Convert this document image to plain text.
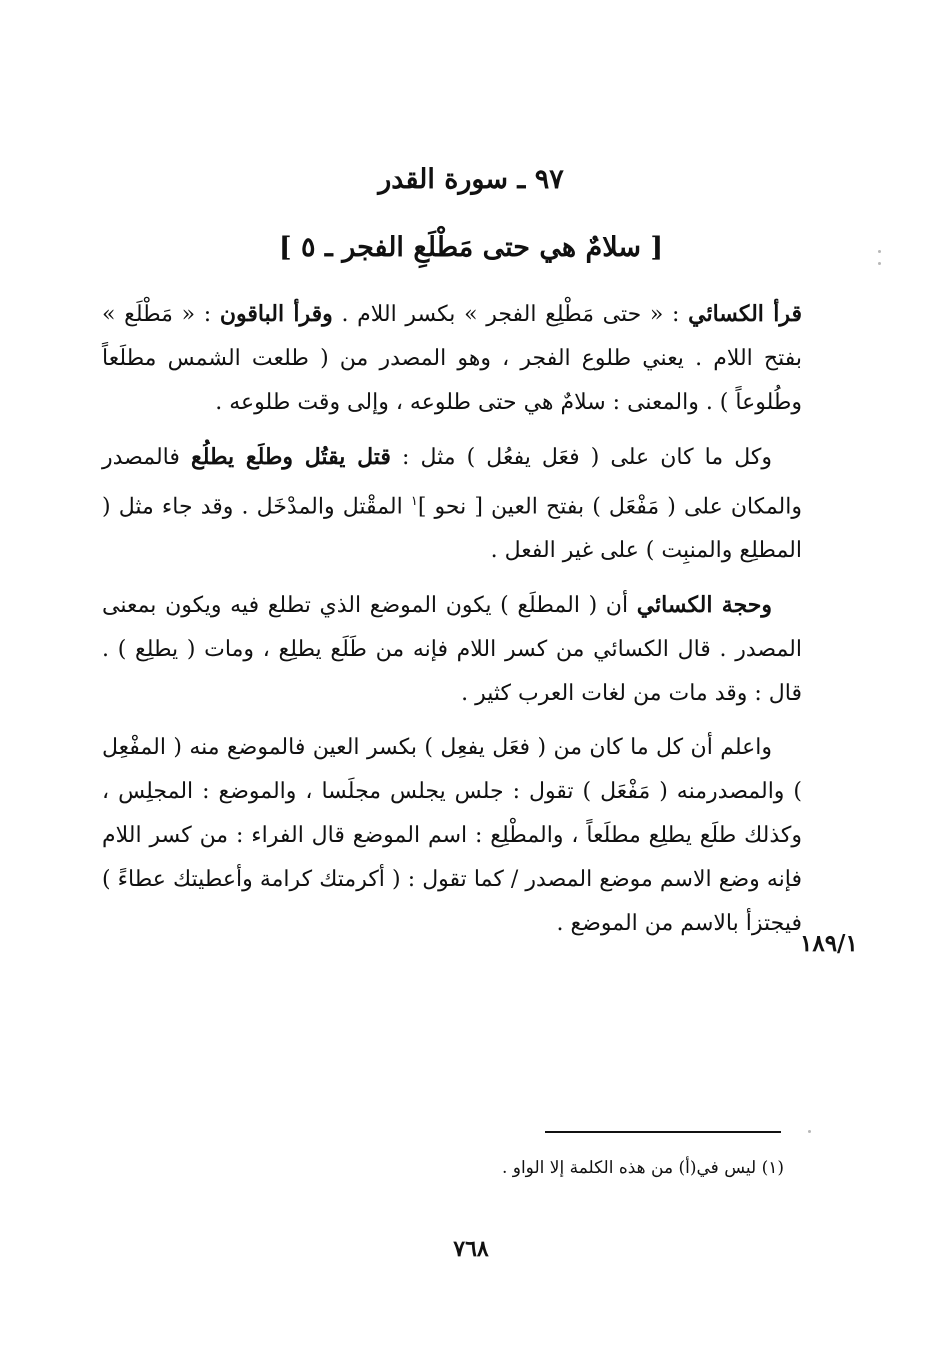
٩٧ ـ سورة القدر
[ سلامٌ هي حتى مَطْلَعِ الفجر ـ ٥ ]

قرأ الكسائي : « حتى مَطْلِع الفجر » بكسر اللام . وقرأ الباقون : « مَطْلَع » بفتح اللام . يعني طلوع الفجر ، وهو المصدر من ( طلعت الشمس مطلَعاً وطُلوعاً ) . والمعنى : سلامٌ هي حتى طلوعه ، وإلى وقت طلوعه .

وكل ما كان على ( فعَل يفعُل ) مثل : قتل يقتُل وطلَع يطلُع فالمصدر والمكان على ( مَفْعَل ) بفتح العين [ نحو ]$^١$ المقْتل والمدْخَل . وقد جاء مثل ( المطلِع والمنبِت ) على غير الفعل .

وحجة الكسائي أن ( المطلَع ) يكون الموضع الذي تطلع فيه ويكون بمعنى المصدر . قال الكسائي من كسر اللام فإنه من طَلَع يطلِع ، ومات ( يطلِع ) . قال : وقد مات من لغات العرب كثير .

واعلم أن كل ما كان من ( فعَل يفعِل ) بكسر العين فالموضع منه ( المفْعِل ) والمصدرمنه ( مَفْعَل ) تقول : جلس يجلس مجلَسا ، والموضع : المجلِس ، وكذلك طلَع يطلِع مطلَعاً ، والمطْلِع : اسم الموضع قال الفراء : من كسر اللام فإنه وضع الاسم موضع المصدر / كما تقول : ( أكرمتك كرامة وأعطيتك عطاءً ) فيجتزأ بالاسم من الموضع .

١٨٩/١
(١) ليس في(أ) من هذه الكلمة إلا الواو .
٧٦٨
